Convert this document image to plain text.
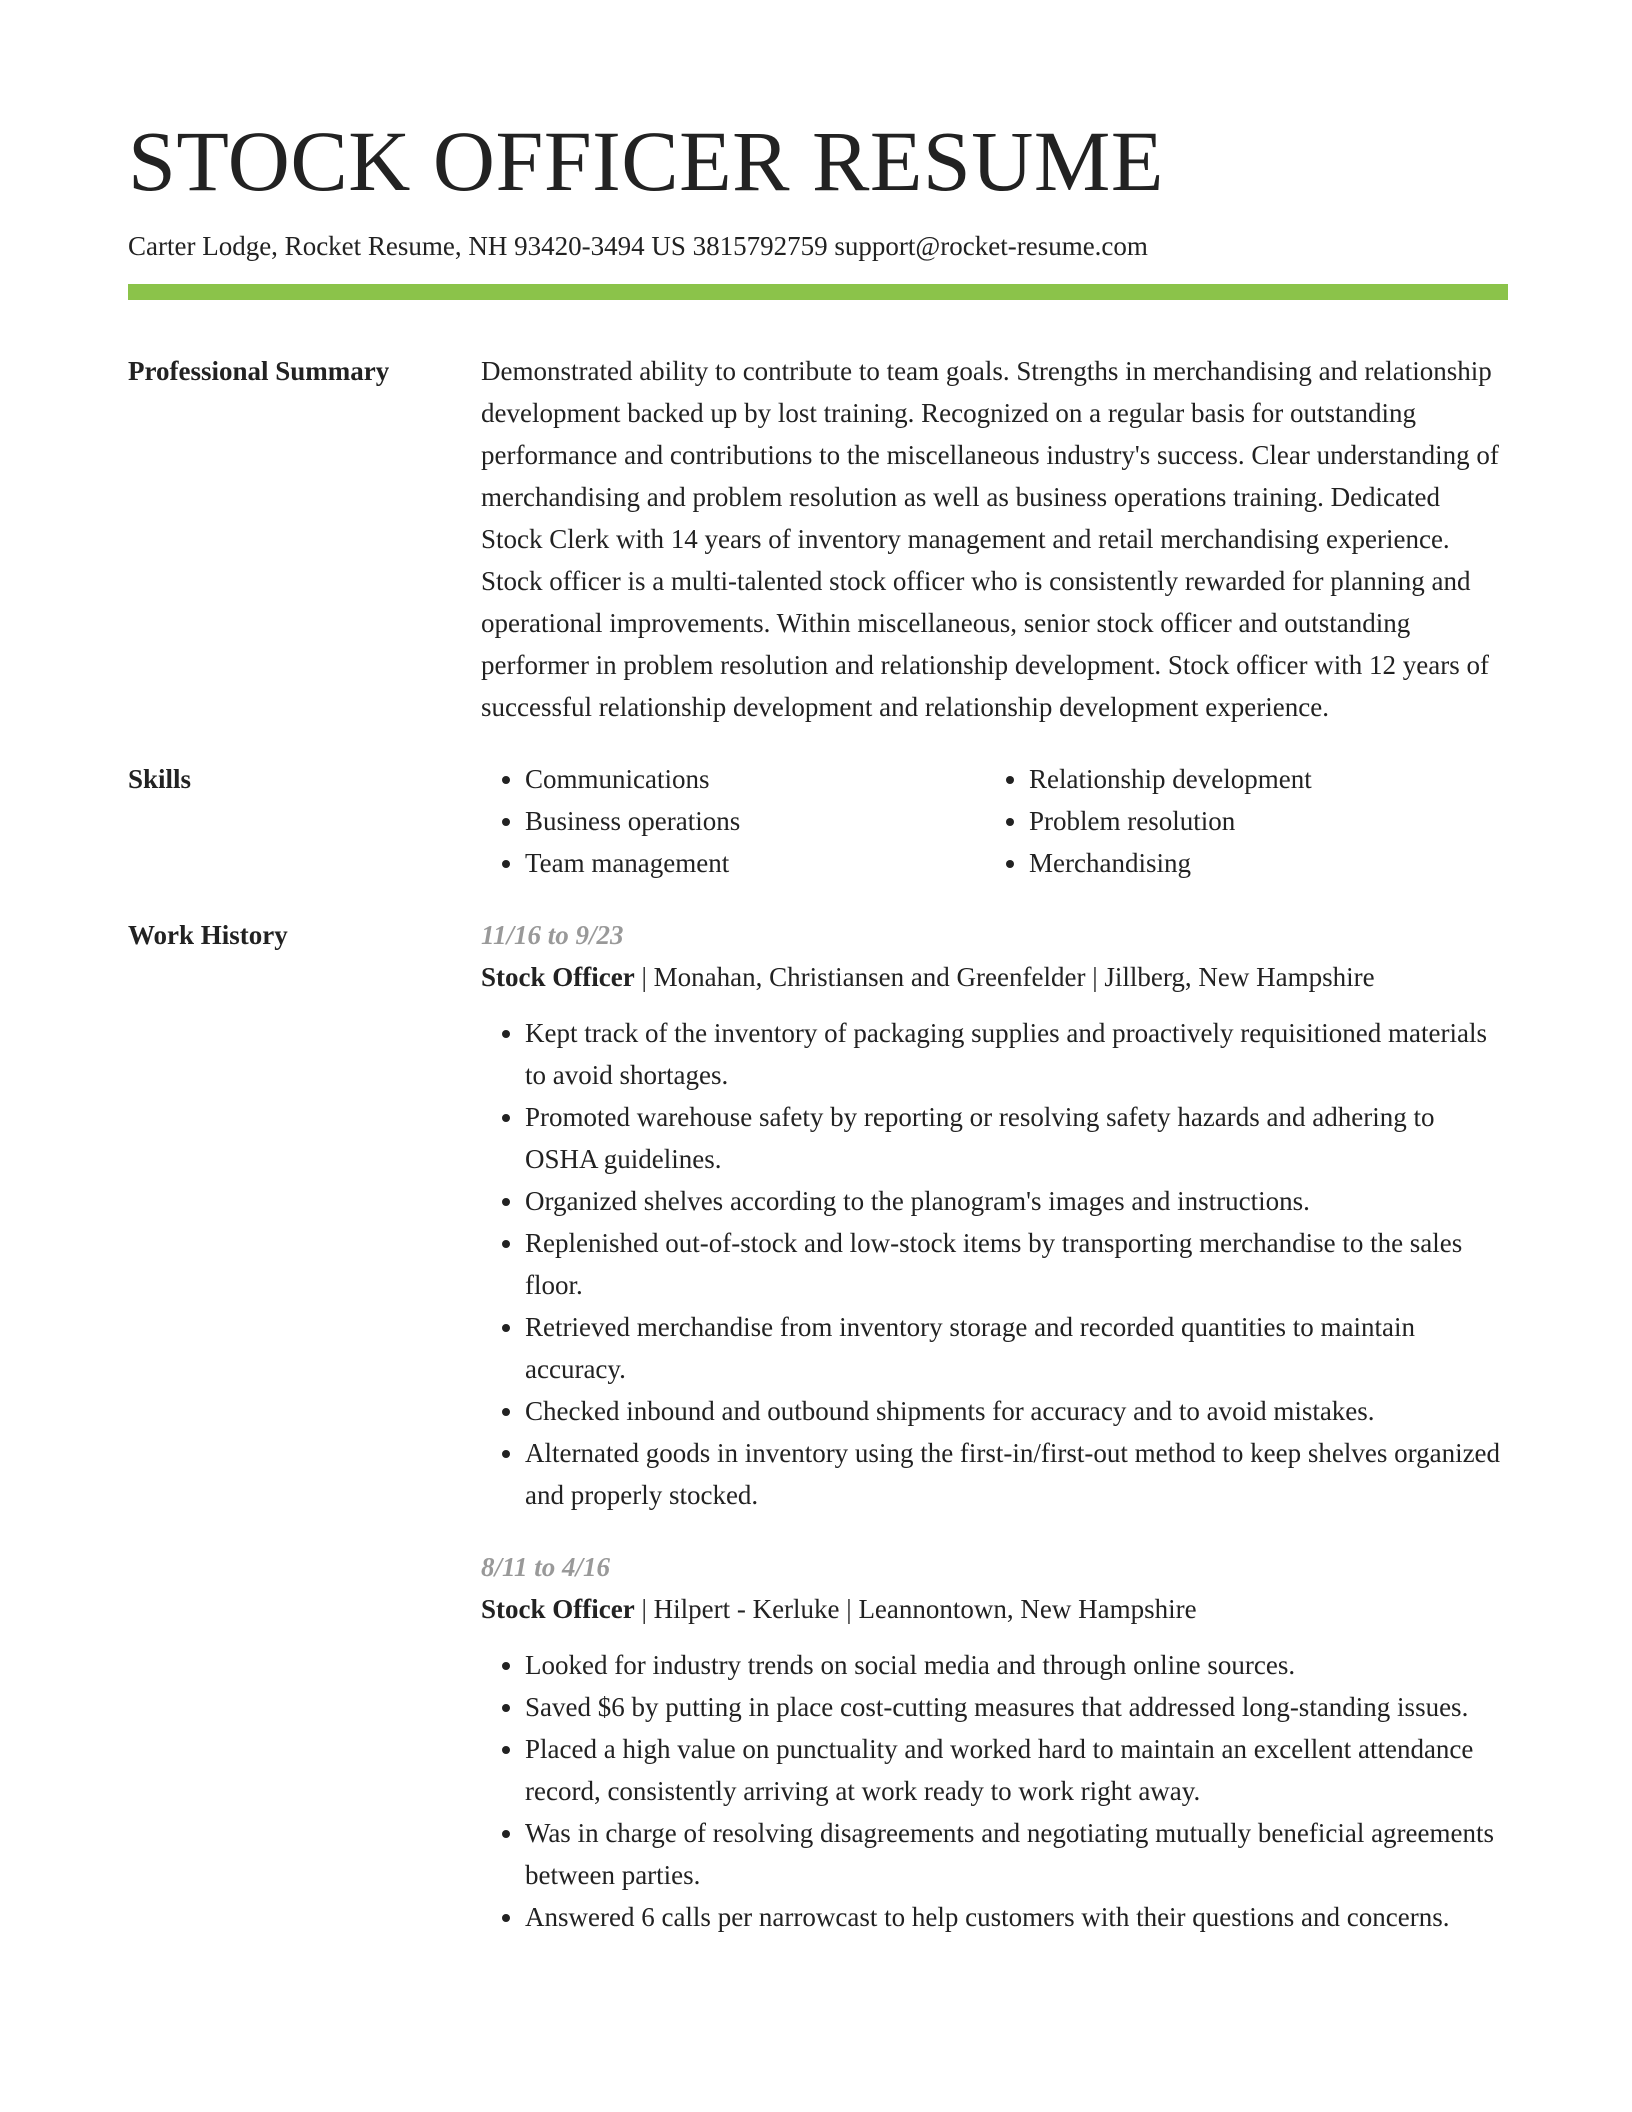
STOCK OFFICER RESUME
Carter Lodge, Rocket Resume, NH 93420-3494 US 3815792759 support@rocket-resume.com
Professional Summary	Demonstrated ability to contribute to team goals. Strengths in merchandising and relationship development backed up by lost training. Recognized on a regular basis for outstanding performance and contributions to the miscellaneous industry's success. Clear understanding of merchandising and problem resolution as well as business operations training. Dedicated Stock Clerk with 14 years of inventory management and retail merchandising experience. Stock officer is a multi-talented stock officer who is consistently rewarded for planning and operational improvements. Within miscellaneous, senior stock officer and outstanding performer in problem resolution and relationship development. Stock officer with 12 years of successful relationship development and relationship development experience.

Skills
•	Communications
• Business operations
• Team management
• Relationship development
• Problem resolution
• Merchandising
Work History	11/16 to 9/23
Stock Officer | Monahan, Christiansen and Greenfelder | Jillberg, New Hampshire
• Kept track of the inventory of packaging supplies and proactively requisitioned materials to avoid shortages.
• Promoted warehouse safety by reporting or resolving safety hazards and adhering to OSHA guidelines.
• Organized shelves according to the planogram's images and instructions.
• Replenished out-of-stock and low-stock items by transporting merchandise to the sales floor.
• Retrieved merchandise from inventory storage and recorded quantities to maintain accuracy.
• Checked inbound and outbound shipments for accuracy and to avoid mistakes.
• Alternated goods in inventory using the first-in/first-out method to keep shelves organized and properly stocked.
8/11 to 4/16
Stock Officer | Hilpert - Kerluke | Leannontown, New Hampshire
• Looked for industry trends on social media and through online sources.
• Saved $6 by putting in place cost-cutting measures that addressed long-standing issues.
• Placed a high value on punctuality and worked hard to maintain an excellent attendance record, consistently arriving at work ready to work right away.
• Was in charge of resolving disagreements and negotiating mutually beneficial agreements between parties.
• Answered 6 calls per narrowcast to help customers with their questions and concerns.
